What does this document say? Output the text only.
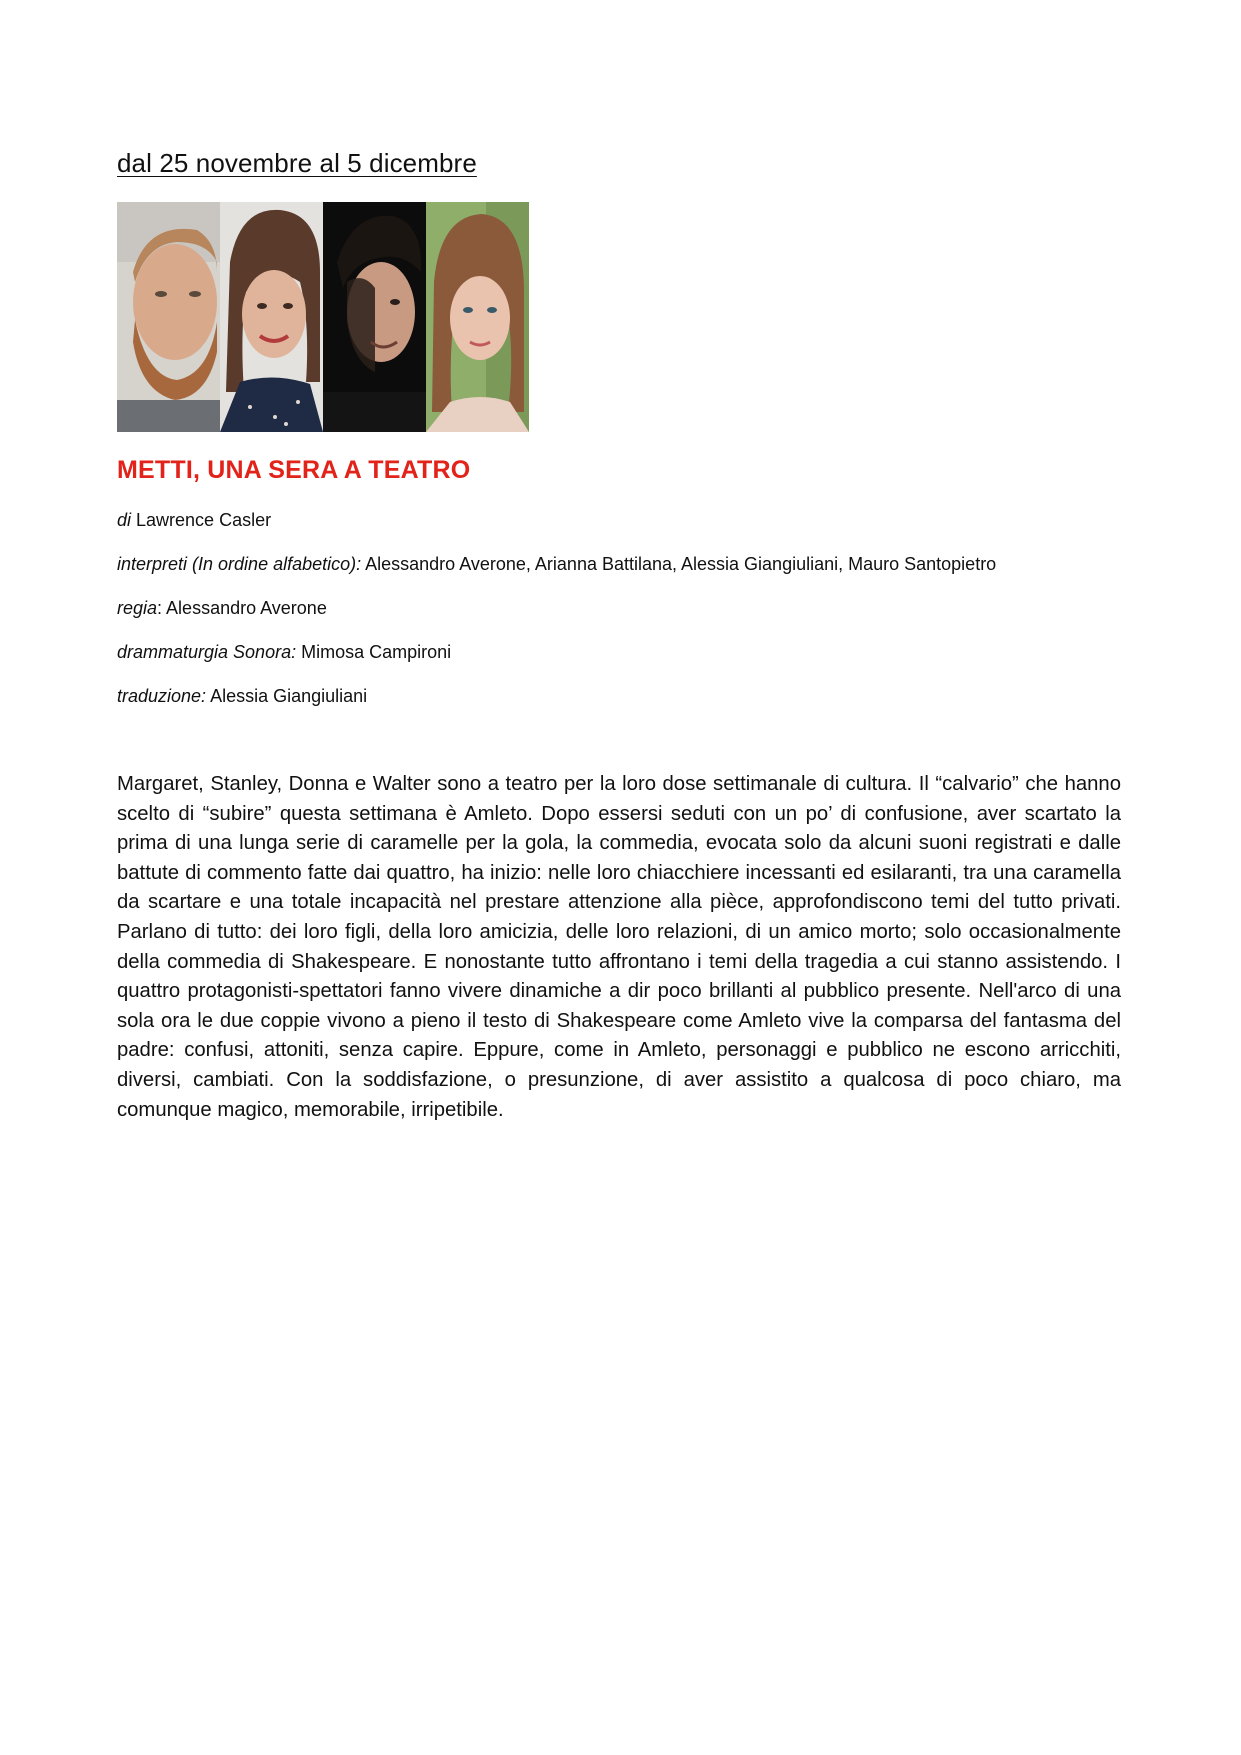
dal 25 novembre al 5 dicembre
METTI, UNA SERA A TEATRO
di Lawrence Casler
interpreti (In ordine alfabetico): Alessandro Averone, Arianna Battilana, Alessia Giangiuliani, Mauro Santopietro
regia: Alessandro Averone
drammaturgia Sonora: Mimosa Campironi
traduzione: Alessia Giangiuliani

Margaret, Stanley, Donna e Walter sono a teatro per la loro dose settimanale di cultura. Il “calvario” che hanno scelto di “subire” questa settimana è Amleto. Dopo essersi seduti con un po’ di confusione, aver scartato la prima di una lunga serie di caramelle per la gola, la commedia, evocata solo da alcuni suoni registrati e dalle battute di commento fatte dai quattro, ha inizio: nelle loro chiacchiere incessanti ed esilaranti, tra una caramella da scartare e una totale incapacità nel prestare attenzione alla pièce, approfondiscono temi del tutto privati. Parlano di tutto: dei loro figli, della loro amicizia, delle loro relazioni, di un amico morto; solo occasionalmente della commedia di Shakespeare. E nonostante tutto affrontano i temi della tragedia a cui stanno assistendo. I quattro protagonisti-spettatori fanno vivere dinamiche a dir poco brillanti al pubblico presente. Nell'arco di una sola ora le due coppie vivono a pieno il testo di Shakespeare come Amleto vive la comparsa del fantasma del padre: confusi, attoniti, senza capire. Eppure, come in Amleto, personaggi e pubblico ne escono arricchiti, diversi, cambiati. Con la soddisfazione, o presunzione, di aver assistito a qualcosa di poco chiaro, ma comunque magico, memorabile, irripetibile.
